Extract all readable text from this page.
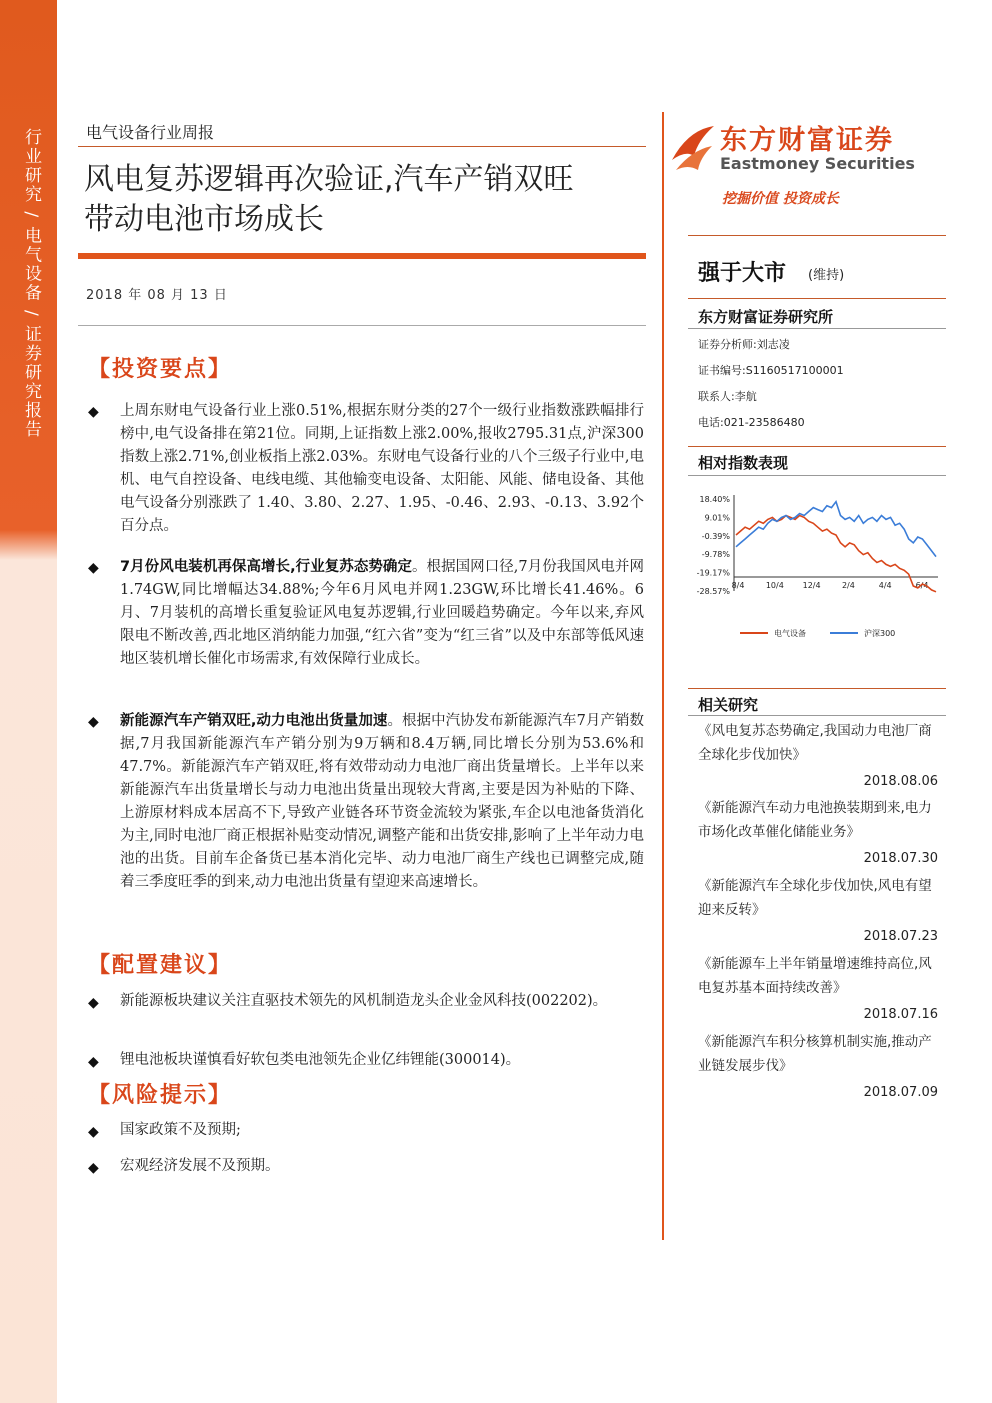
行业研究 / 电气设备 / 证券研究报告	电气设备行业周报
风电复苏逻辑再次验证,汽车产销双旺
带动电池市场成长
2018 年 08 月 13 日
【投资要点】
◆ 上周东财电气设备行业上涨0.51%,根据东财分类的27个一级行业指数涨跌幅排行榜中,电气设备排在第21位。同期,上证指数上涨2.00%,报收2795.31点,沪深300指数上涨2.71%,创业板指上涨2.03%。东财电气设备行业的八个三级子行业中,电机、电气自控设备、电线电缆、其他输变电设备、太阳能、风能、储电设备、其他电气设备分别涨跌了 1.40、3.80、2.27、1.95、-0.46、2.93、-0.13、3.92个百分点。
◆ 7月份风电装机再保高增长,行业复苏态势确定。根据国网口径,7月份我国风电并网1.74GW,同比增幅达34.88%;今年6月风电并网1.23GW,环比增长41.46%。6月、7月装机的高增长重复验证风电复苏逻辑,行业回暖趋势确定。今年以来,弃风限电不断改善,西北地区消纳能力加强,“红六省”变为“红三省”以及中东部等低风速地区装机增长催化市场需求,有效保障行业成长。
◆ 新能源汽车产销双旺,动力电池出货量加速。根据中汽协发布新能源汽车7月产销数据,7月我国新能源汽车产销分别为9万辆和8.4万辆,同比增长分别为53.6%和47.7%。新能源汽车产销双旺,将有效带动动力电池厂商出货量增长。上半年以来新能源汽车出货量增长与动力电池出货量出现较大背离,主要是因为补贴的下降、上游原材料成本居高不下,导致产业链各环节资金流较为紧张,车企以电池备货消化为主,同时电池厂商正根据补贴变动情况,调整产能和出货安排,影响了上半年动力电池的出货。目前车企备货已基本消化完毕、动力电池厂商生产线也已调整完成,随着三季度旺季的到来,动力电池出货量有望迎来高速增长。
【配置建议】
◆ 新能源板块建议关注直驱技术领先的风机制造龙头企业金风科技(002202)。
◆ 锂电池板块谨慎看好软包类电池领先企业亿纬锂能(300014)。
【风险提示】
◆ 国家政策不及预期;
◆ 宏观经济发展不及预期。
东方财富证券
Eastmoney Securities
挖掘价值 投资成长
强于大市 (维持)
东方财富证券研究所
证券分析师:刘志凌
证书编号:S1160517100001
联系人:李航
电话:021-23586480
相对指数表现
18.40%
9.01%
-0.39%
-9.78%
-19.17%
-28.57%
8/4	10/4 12/4	2/4	4/4	6/4
电气设备	沪深300
相关研究
《风电复苏态势确定,我国动力电池厂商全球化步伐加快》
2018.08.06
《新能源汽车动力电池换装期到来,电力市场化改革催化储能业务》
2018.07.30
《新能源汽车全球化步伐加快,风电有望迎来反转》
2018.07.23
《新能源车上半年销量增速维持高位,风电复苏基本面持续改善》
2018.07.16
《新能源汽车积分核算机制实施,推动产业链发展步伐》
2018.07.09
